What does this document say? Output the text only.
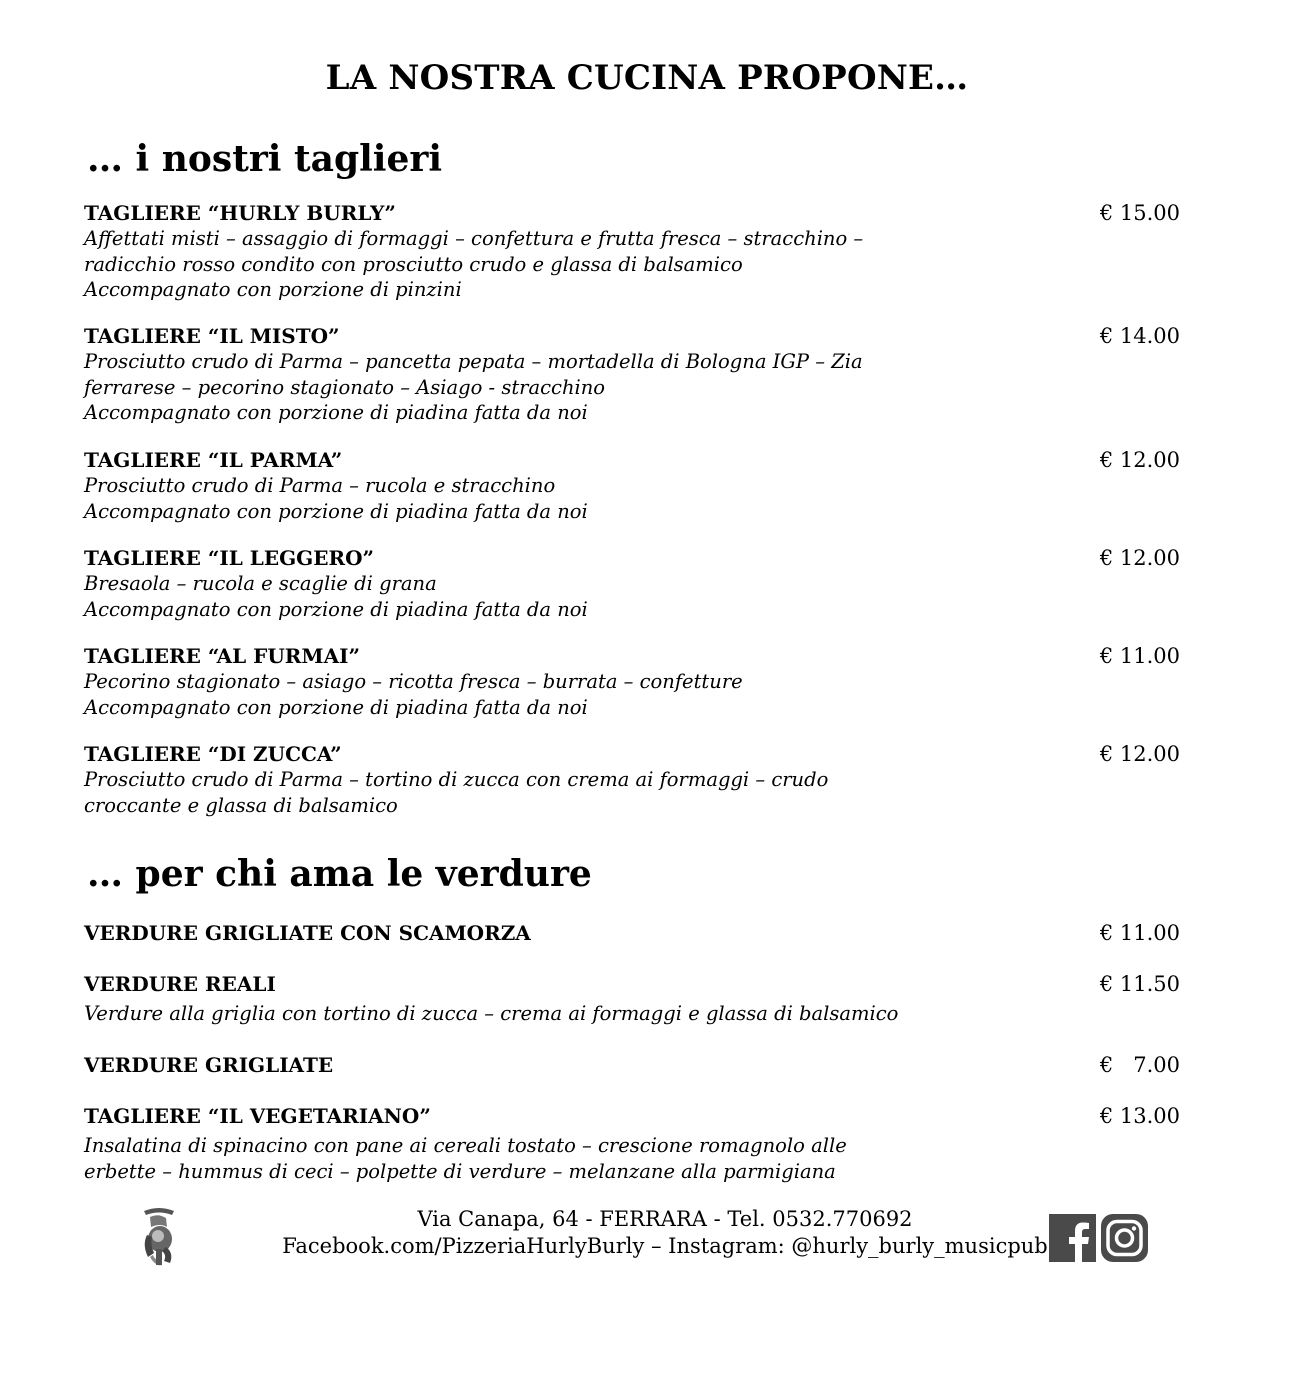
LA NOSTRA CUCINA PROPONE…
… i nostri taglieri
TAGLIERE “HURLY BURLY”	€ 15.00
Affettati misti – assaggio di formaggi – confettura e frutta fresca – stracchino –
radicchio rosso condito con prosciutto crudo e glassa di balsamico
Accompagnato con porzione di pinzini
TAGLIERE “IL MISTO”	€ 14.00
Prosciutto crudo di Parma – pancetta pepata – mortadella di Bologna IGP – Zia
ferrarese – pecorino stagionato – Asiago - stracchino
Accompagnato con porzione di piadina fatta da noi
TAGLIERE “IL PARMA”	€ 12.00
Prosciutto crudo di Parma – rucola e stracchino
Accompagnato con porzione di piadina fatta da noi
TAGLIERE “IL LEGGERO”	€ 12.00
Bresaola – rucola e scaglie di grana
Accompagnato con porzione di piadina fatta da noi
TAGLIERE “AL FURMAI”	€ 11.00
Pecorino stagionato – asiago – ricotta fresca – burrata – confetture
Accompagnato con porzione di piadina fatta da noi
TAGLIERE “DI ZUCCA”	€ 12.00
Prosciutto crudo di Parma – tortino di zucca con crema ai formaggi – crudo
croccante e glassa di balsamico
… per chi ama le verdure
VERDURE GRIGLIATE CON SCAMORZA	€ 11.00
VERDURE REALI	€ 11.50
Verdure alla griglia con tortino di zucca – crema ai formaggi e glassa di balsamico
VERDURE GRIGLIATE	€   7.00
TAGLIERE “IL VEGETARIANO”	€ 13.00
Insalatina di spinacino con pane ai cereali tostato – crescione romagnolo alle
erbette – hummus di ceci – polpette di verdure – melanzane alla parmigiana
Via Canapa, 64 - FERRARA - Tel. 0532.770692
Facebook.com/PizzeriaHurlyBurly – Instagram: @hurly_burly_musicpub
